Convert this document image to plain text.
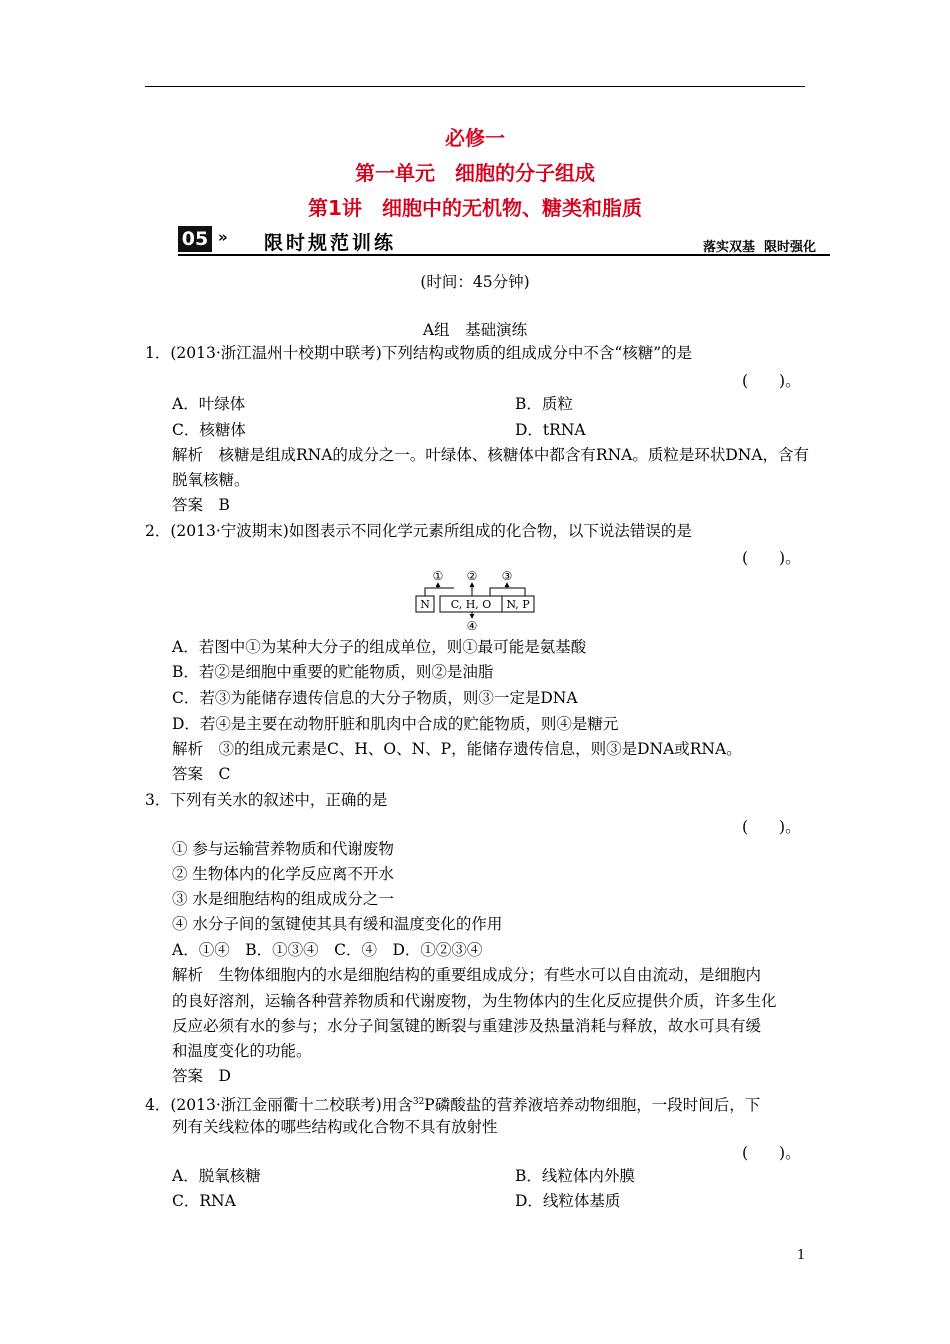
必修一
第一单元　细胞的分子组成
第1讲　细胞中的无机物、糖类和脂质
05 » 限时规范训练	落实双基  限时强化
(时间：45分钟)
A组　基础演练
1．(2013·浙江温州十校期中联考)下列结构或物质的组成成分中不含“核糖”的是
(　　)。
A．叶绿体	B．质粒
C．核糖体	D．tRNA
解析　核糖是组成RNA的成分之一。叶绿体、核糖体中都含有RNA。质粒是环状DNA，含有
脱氧核糖。
答案　B
2．(2013·宁波期末)如图表示不同化学元素所组成的化合物，以下说法错误的是
(　　)。
N C, H, O N, P
① ② ③
④
A．若图中①为某种大分子的组成单位，则①最可能是氨基酸
B．若②是细胞中重要的贮能物质，则②是油脂
C．若③为能储存遗传信息的大分子物质，则③一定是DNA
D．若④是主要在动物肝脏和肌肉中合成的贮能物质，则④是糖元
解析　③的组成元素是C、H、O、N、P，能储存遗传信息，则③是DNA或RNA。
答案　C
3．下列有关水的叙述中，正确的是
(　　)。
① 参与运输营养物质和代谢废物
② 生物体内的化学反应离不开水
③ 水是细胞结构的组成成分之一
④ 水分子间的氢键使其具有缓和温度变化的作用
A．①④　B．①③④　C．④　D．①②③④
解析　生物体细胞内的水是细胞结构的重要组成成分；有些水可以自由流动，是细胞内
的良好溶剂，运输各种营养物质和代谢废物，为生物体内的生化反应提供介质，许多生化
反应必须有水的参与；水分子间氢键的断裂与重建涉及热量消耗与释放，故水可具有缓
和温度变化的功能。
答案　D
4．(2013·浙江金丽衢十二校联考)用含$^{32}$P磷酸盐的营养液培养动物细胞，一段时间后，下
列有关线粒体的哪些结构或化合物不具有放射性
(　　)。
A．脱氧核糖	B．线粒体内外膜
C．RNA	D．线粒体基质
1
